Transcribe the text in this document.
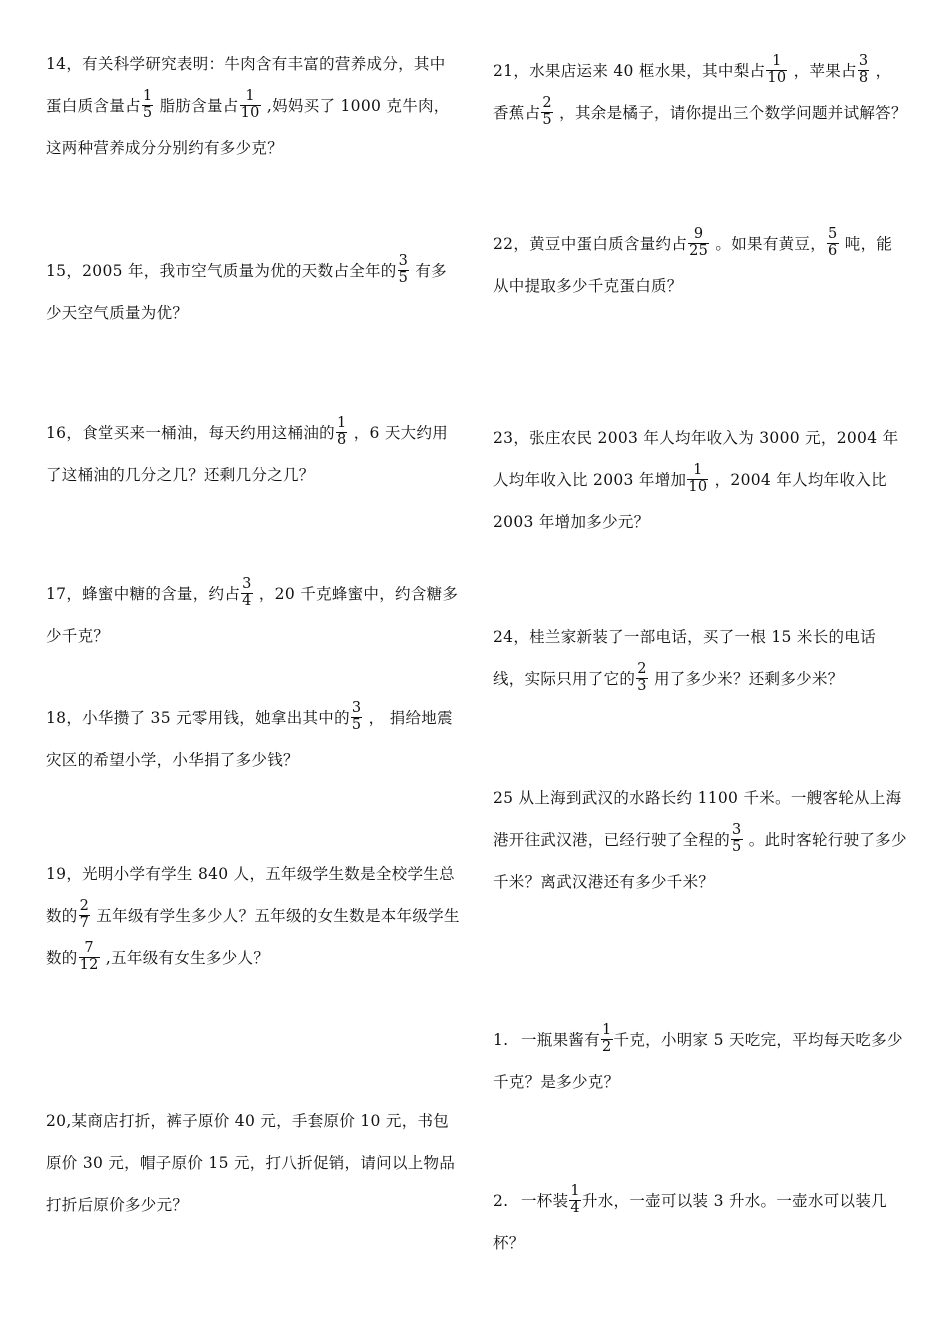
14，有关科学研究表明：牛肉含有丰富的营养成分，其中蛋白质含量占 $\frac{1}{5}$ 脂肪含量占 $\frac{1}{10}$ ,妈妈买了 1000 克牛肉，这两种营养成分分别约有多少克？
15，2005 年，我市空气质量为优的天数占全年的 $\frac{3}{5}$ 有多少天空气质量为优？
16，食堂买来一桶油，每天约用这桶油的 $\frac{1}{8}$ ，6 天大约用了这桶油的几分之几？还剩几分之几？
17，蜂蜜中糖的含量，约占 $\frac{3}{4}$ ，20 千克蜂蜜中，约含糖多少千克？
18，小华攒了 35 元零用钱，她拿出其中的 $\frac{3}{5}$ ， 捐给地震灾区的希望小学，小华捐了多少钱？
19，光明小学有学生 840 人，五年级学生数是全校学生总数的 $\frac{2}{7}$ 五年级有学生多少人？五年级的女生数是本年级学生数的 $\frac{7}{12}$ ,五年级有女生多少人？
20,某商店打折，裤子原价 40 元，手套原价 10 元，书包原价 30 元，帽子原价 15 元，打八折促销，请问以上物品打折后原价多少元？
21，水果店运来 40 框水果，其中梨占 $\frac{1}{10}$ ，苹果占 $\frac{3}{8}$ ，香蕉占 $\frac{2}{5}$ ，其余是橘子，请你提出三个数学问题并试解答？
22，黄豆中蛋白质含量约占 $\frac{9}{25}$ 。如果有黄豆， $\frac{5}{6}$ 吨，能从中提取多少千克蛋白质？
23，张庄农民 2003 年人均年收入为 3000 元，2004 年人均年收入比 2003 年增加 $\frac{1}{10}$ ，2004 年人均年收入比 2003 年增加多少元？
24，桂兰家新装了一部电话，买了一根 15 米长的电话线，实际只用了它的 $\frac{2}{3}$ 用了多少米？还剩多少米？
25 从上海到武汉的水路长约 1100 千米。一艘客轮从上海港开往武汉港，已经行驶了全程的 $\frac{3}{5}$ 。此时客轮行驶了多少千米？离武汉港还有多少千米？
1. 一瓶果酱有 $\frac{1}{2}$ 千克，小明家 5 天吃完，平均每天吃多少千克？是多少克？
2. 一杯装 $\frac{1}{4}$ 升水，一壶可以装 3 升水。一壶水可以装几杯？
